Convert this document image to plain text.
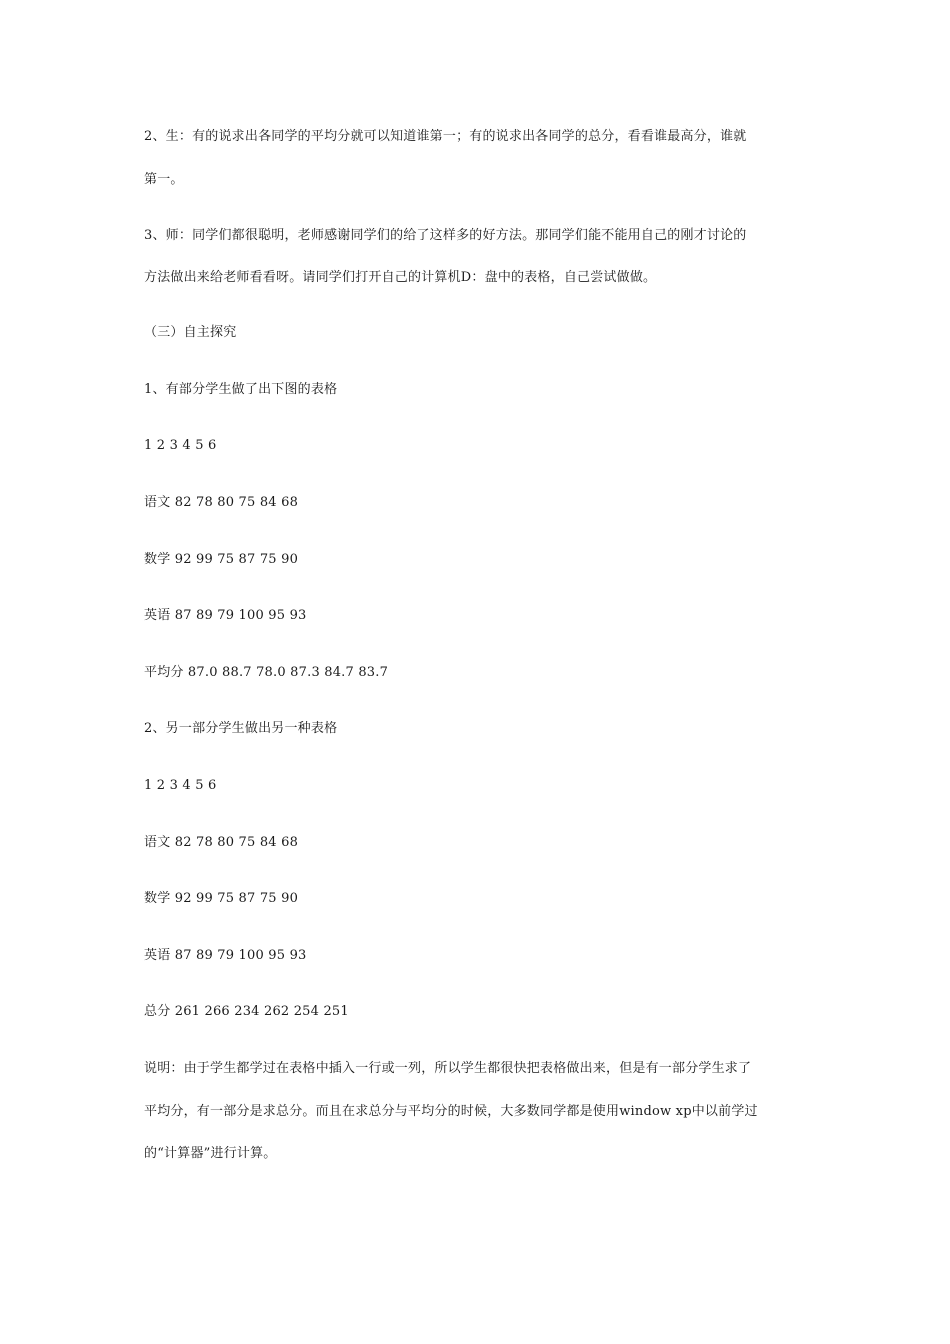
2、生：有的说求出各同学的平均分就可以知道谁第一；有的说求出各同学的总分，看看谁最高分，谁就
第一。
3、师：同学们都很聪明，老师感谢同学们的给了这样多的好方法。那同学们能不能用自己的刚才讨论的
方法做出来给老师看看呀。请同学们打开自己的计算机D：盘中的表格，自己尝试做做。
（三）自主探究
1、有部分学生做了出下图的表格
1 2 3 4 5 6
语文 82 78 80 75 84 68
数学 92 99 75 87 75 90
英语 87 89 79 100 95 93
平均分 87.0 88.7 78.0 87.3 84.7 83.7
2、另一部分学生做出另一种表格
1 2 3 4 5 6
语文 82 78 80 75 84 68
数学 92 99 75 87 75 90
英语 87 89 79 100 95 93
总分 261 266 234 262 254 251
说明：由于学生都学过在表格中插入一行或一列，所以学生都很快把表格做出来，但是有一部分学生求了
平均分，有一部分是求总分。而且在求总分与平均分的时候，大多数同学都是使用window xp中以前学过
的“计算器”进行计算。
